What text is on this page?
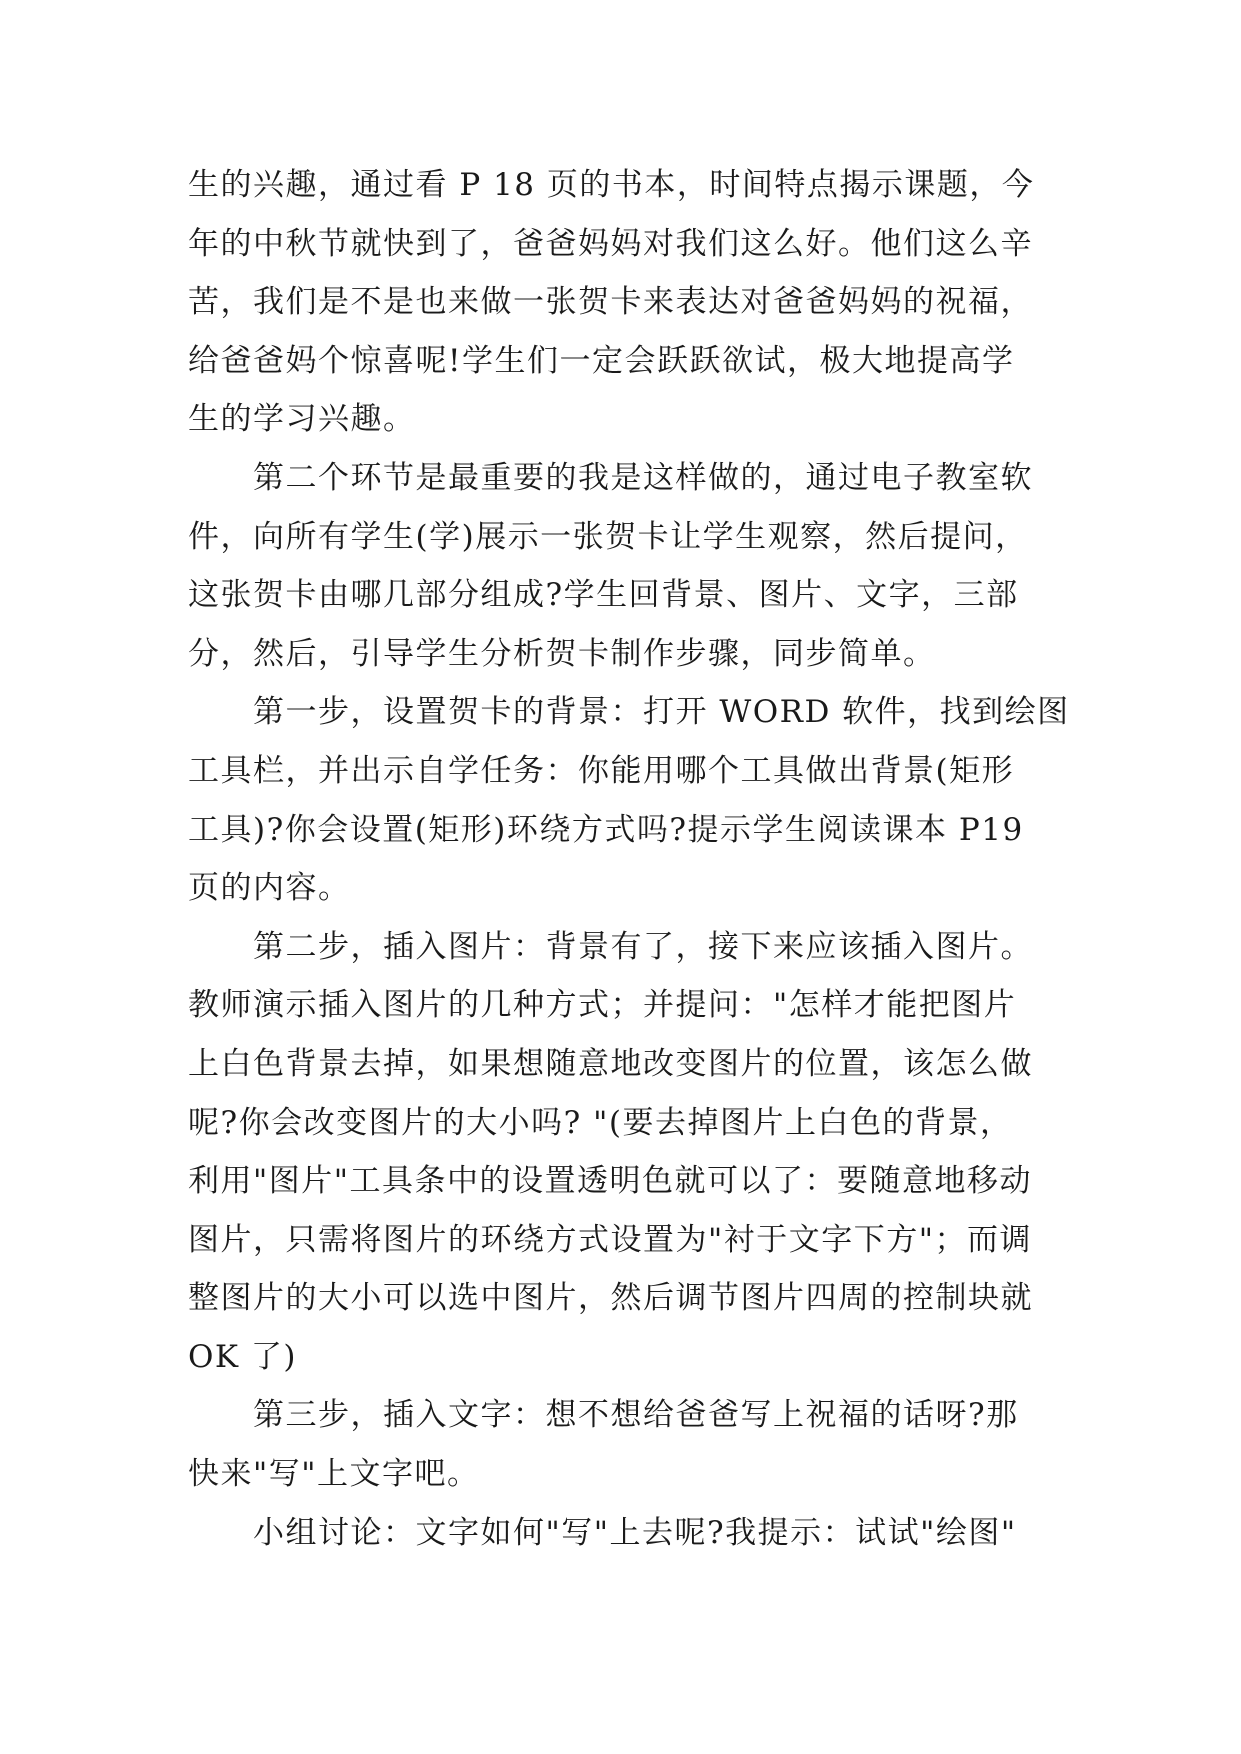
生的兴趣，通过看 P 18 页的书本，时间特点揭示课题，今
年的中秋节就快到了，爸爸妈妈对我们这么好。他们这么辛
苦，我们是不是也来做一张贺卡来表达对爸爸妈妈的祝福，
给爸爸妈个惊喜呢!学生们一定会跃跃欲试，极大地提高学
生的学习兴趣。
　　第二个环节是最重要的我是这样做的，通过电子教室软
件，向所有学生(学)展示一张贺卡让学生观察，然后提问，
这张贺卡由哪几部分组成?学生回背景、图片、文字，三部
分，然后，引导学生分析贺卡制作步骤，同步简单。
　　第一步，设置贺卡的背景：打开 WORD 软件，找到绘图
工具栏，并出示自学任务：你能用哪个工具做出背景(矩形
工具)?你会设置(矩形)环绕方式吗?提示学生阅读课本 P19
页的内容。
　　第二步，插入图片：背景有了，接下来应该插入图片。
教师演示插入图片的几种方式；并提问："怎样才能把图片
上白色背景去掉，如果想随意地改变图片的位置，该怎么做
呢?你会改变图片的大小吗? "(要去掉图片上白色的背景，
利用"图片"工具条中的设置透明色就可以了：要随意地移动
图片，只需将图片的环绕方式设置为"衬于文字下方"；而调
整图片的大小可以选中图片，然后调节图片四周的控制块就
OK 了)
　　第三步，插入文字：想不想给爸爸写上祝福的话呀?那
快来"写"上文字吧。
　　小组讨论：文字如何"写"上去呢?我提示：试试"绘图"
